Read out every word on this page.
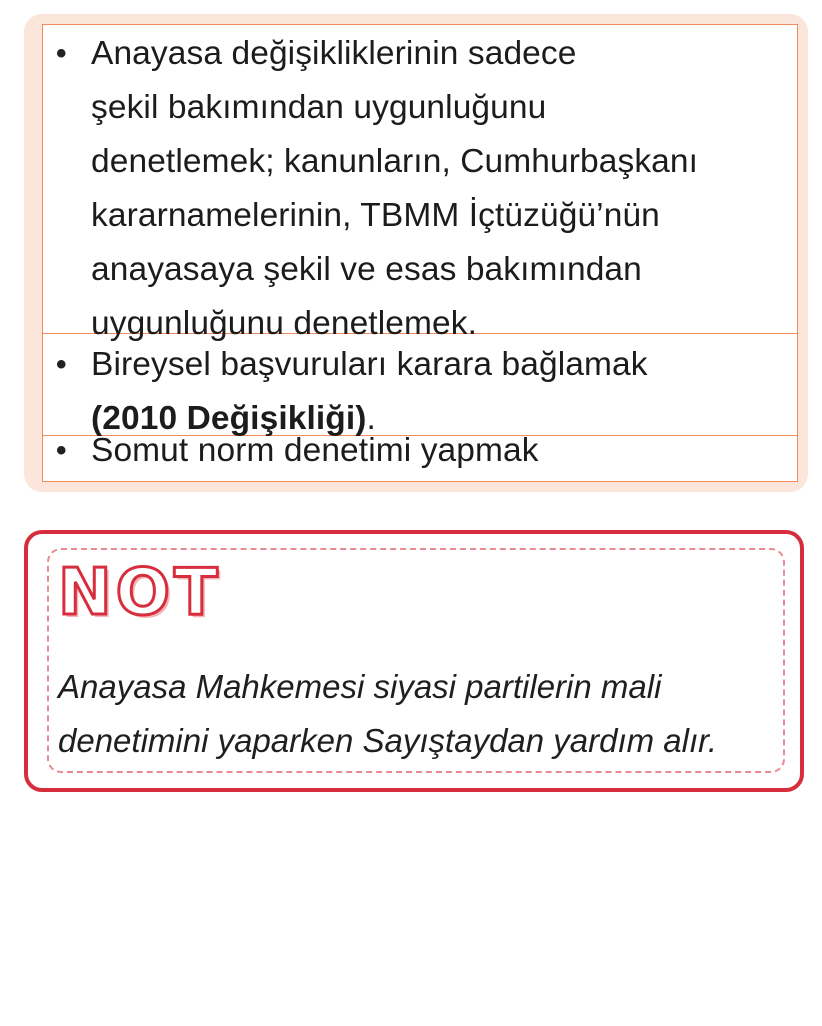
• Anayasa değişikliklerinin sadece
şekil bakımından uygunluğunu
denetlemek; kanunların, Cumhurbaşkanı
kararnamelerinin, TBMM İçtüzüğü’nün
anayasaya şekil ve esas bakımından
uygunluğunu denetlemek.
• Bireysel başvuruları karara bağlamak
(2010 Değişikliği).
• Somut norm denetimi yapmak
NOT
Anayasa Mahkemesi siyasi partilerin mali
denetimini yaparken Sayıştaydan yardım alır.
